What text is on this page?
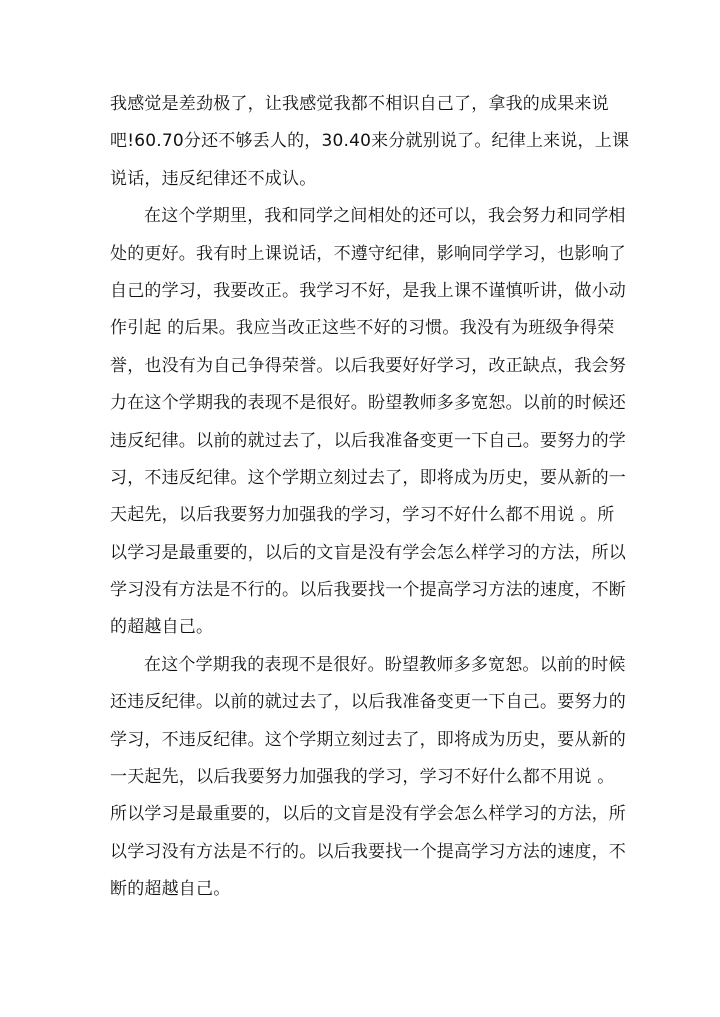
我感觉是差劲极了，让我感觉我都不相识自己了，拿我的成果来说
吧!60.70分还不够丢人的，30.40来分就别说了。纪律上来说，上课
说话，违反纪律还不成认。
在这个学期里，我和同学之间相处的还可以，我会努力和同学相
处的更好。我有时上课说话，不遵守纪律，影响同学学习，也影响了
自己的学习，我要改正。我学习不好，是我上课不谨慎听讲，做小动
作引起 的后果。我应当改正这些不好的习惯。我没有为班级争得荣
誉，也没有为自己争得荣誉。以后我要好好学习，改正缺点，我会努
力在这个学期我的表现不是很好。盼望教师多多宽恕。以前的时候还
违反纪律。以前的就过去了，以后我准备变更一下自己。要努力的学
习，不违反纪律。这个学期立刻过去了，即将成为历史，要从新的一
天起先，以后我要努力加强我的学习，学习不好什么都不用说 。所
以学习是最重要的，以后的文盲是没有学会怎么样学习的方法，所以
学习没有方法是不行的。以后我要找一个提高学习方法的速度，不断
的超越自己。
在这个学期我的表现不是很好。盼望教师多多宽恕。以前的时候
还违反纪律。以前的就过去了，以后我准备变更一下自己。要努力的
学习，不违反纪律。这个学期立刻过去了，即将成为历史，要从新的
一天起先，以后我要努力加强我的学习，学习不好什么都不用说 。
所以学习是最重要的，以后的文盲是没有学会怎么样学习的方法，所
以学习没有方法是不行的。以后我要找一个提高学习方法的速度，不
断的超越自己。
